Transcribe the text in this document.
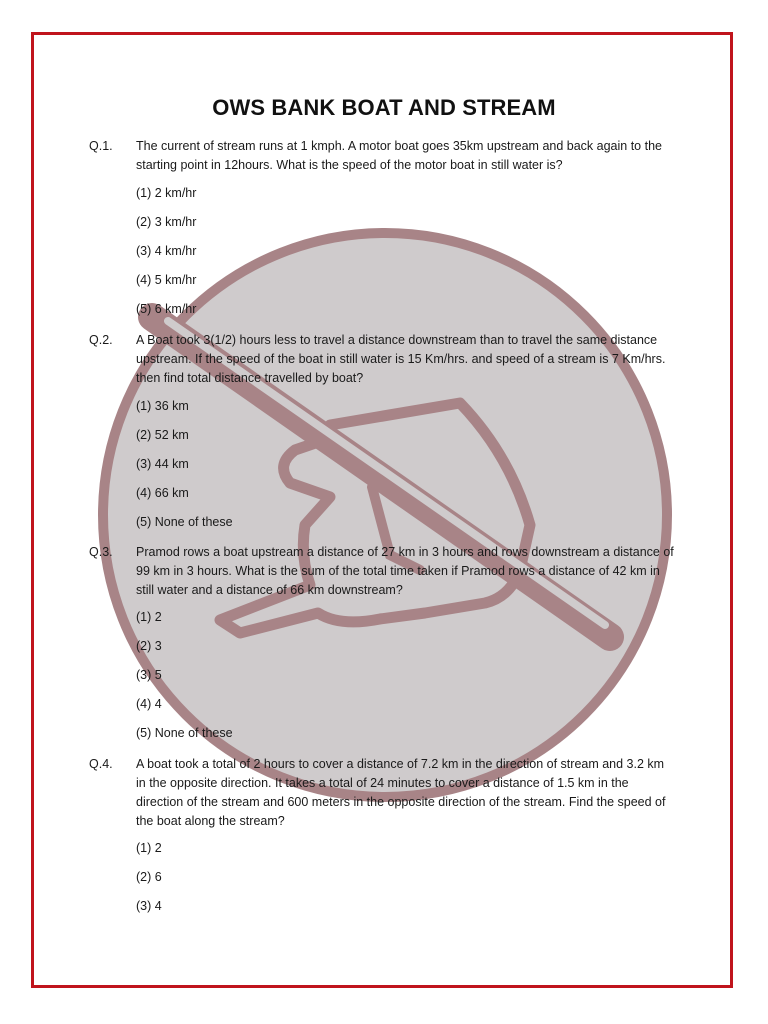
OWS BANK BOAT AND STREAM
Q.1. The current of stream runs at 1 kmph. A motor boat goes 35km upstream and back again to the starting point in 12hours. What is the speed of the motor boat in still water is?
(1) 2 km/hr
(2) 3 km/hr
(3) 4 km/hr
(4) 5 km/hr
(5) 6 km/hr
Q.2. A Boat took 3(1/2) hours less to travel a distance downstream than to travel the same distance upstream. If the speed of the boat in still water is 15 Km/hrs. and speed of a stream is 7 Km/hrs. then find total distance travelled by boat?
(1) 36 km
(2) 52 km
(3) 44 km
(4) 66 km
(5) None of these
Q.3. Pramod rows a boat upstream a distance of 27 km in 3 hours and rows downstream a distance of 99 km in 3 hours. What is the sum of the total time taken if Pramod rows a distance of 42 km in still water and a distance of 66 km downstream?
(1) 2
(2) 3
(3) 5
(4) 4
(5) None of these
Q.4. A boat took a total of 2 hours to cover a distance of 7.2 km in the direction of stream and 3.2 km in the opposite direction. It takes a total of 24 minutes to cover a distance of 1.5 km in the direction of the stream and 600 meters in the opposite direction of the stream. Find the speed of the boat along the stream?
(1) 2
(2) 6
(3) 4
